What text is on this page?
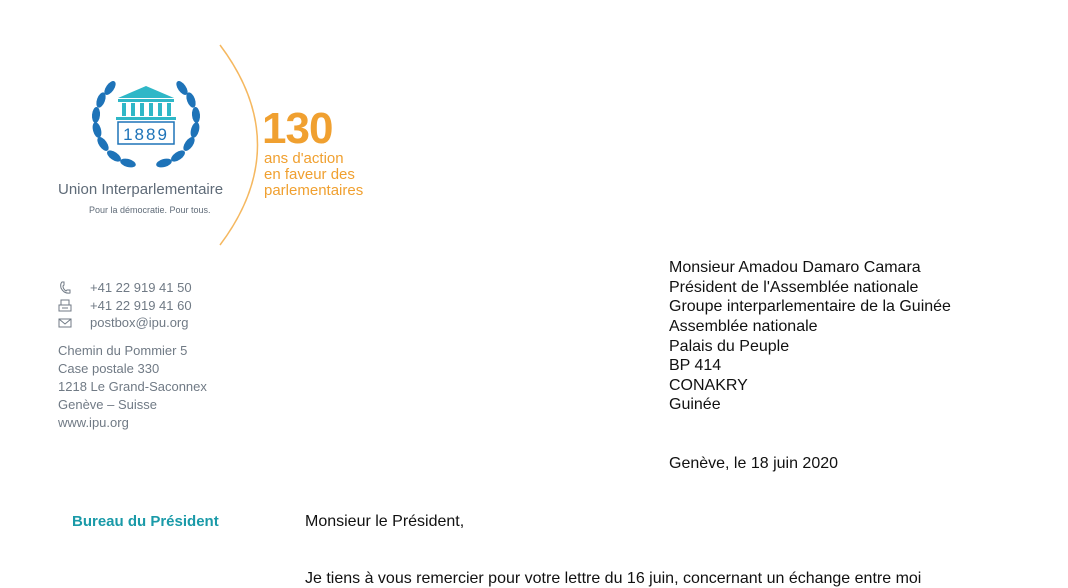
1889
Union Interparlementaire
Pour la démocratie. Pour tous.
130
ans d'action
en faveur des
parlementaires
+41 22 919 41 50
+41 22 919 41 60
postbox@ipu.org
Chemin du Pommier 5
Case postale 330
1218 Le Grand-Saconnex
Genève – Suisse
www.ipu.org
Monsieur Amadou Damaro Camara
Président de l'Assemblée nationale
Groupe interparlementaire de la Guinée
Assemblée nationale
Palais du Peuple
BP 414
CONAKRY
Guinée
Genève, le 18 juin 2020
Bureau du Président	Monsieur le Président,
Je tiens à vous remercier pour votre lettre du 16 juin, concernant un échange entre moi
